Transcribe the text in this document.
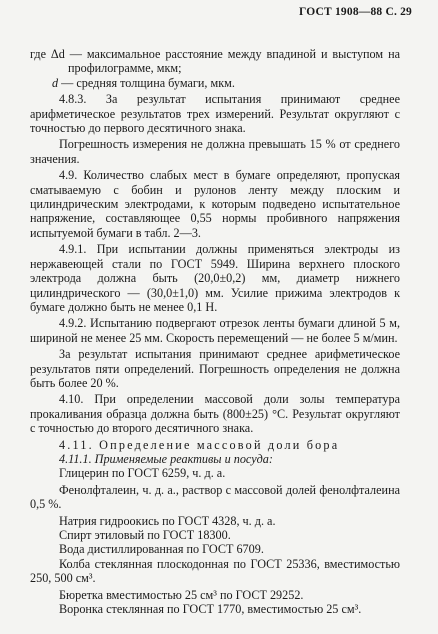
ГОСТ 1908—88 С. 29

где Δd — максимальное расстояние между впадиной и выступом на профилограмме, мкм;

d — средняя толщина бумаги, мкм.

4.8.3. За результат испытания принимают среднее арифметическое результатов трех измерений. Результат округляют с точностью до первого десятичного знака.

Погрешность измерения не должна превышать 15 % от среднего значения.

4.9. Количество слабых мест в бумаге определяют, пропуская сматываемую с бобин и рулонов ленту между плоским и цилиндрическим электродами, к которым подведено испытательное напряжение, составляющее 0,55 нормы пробивного напряжения испытуемой бумаги в табл. 2—3.

4.9.1. При испытании должны применяться электроды из нержавеющей стали по ГОСТ 5949. Ширина верхнего плоского электрода должна быть (20,0±0,2) мм, диаметр нижнего цилиндрического — (30,0±1,0) мм. Усилие прижима электродов к бумаге должно быть не менее 0,1 Н.

4.9.2. Испытанию подвергают отрезок ленты бумаги длиной 5 м, шириной не менее 25 мм. Скорость перемещений — не более 5 м/мин.

За результат испытания принимают среднее арифметическое результатов пяти определений. Погрешность определения не должна быть более 20 %.

4.10. При определении массовой доли золы температура прокаливания образца должна быть (800±25) °С. Результат округляют с точностью до второго десятичного знака.

4.11. Определение массовой доли бора

4.11.1. Применяемые реактивы и посуда:

Глицерин по ГОСТ 6259, ч. д. а.

Фенолфталеин, ч. д. а., раствор с массовой долей фенолфталеина 0,5 %.

Натрия гидроокись по ГОСТ 4328, ч. д. а.

Спирт этиловый по ГОСТ 18300.

Вода дистиллированная по ГОСТ 6709.

Колба стеклянная плоскодонная по ГОСТ 25336, вместимостью 250, 500 см³.

Бюретка вместимостью 25 см³ по ГОСТ 29252.

Воронка стеклянная по ГОСТ 1770, вместимостью 25 см³.
